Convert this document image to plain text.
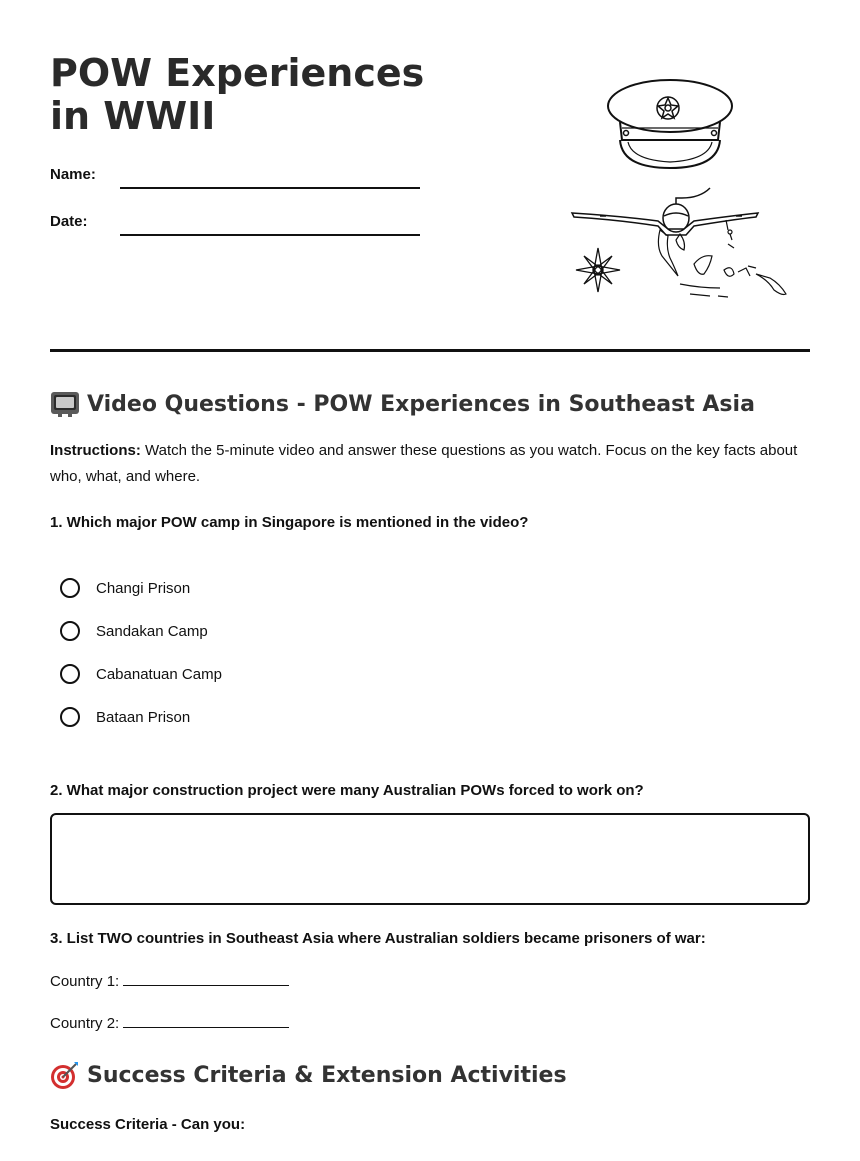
POW Experiences in WWII
Name:
Date:
Video Questions - POW Experiences in Southeast Asia

Instructions: Watch the 5-minute video and answer these questions as you watch. Focus on the key facts about who, what, and where.

1. Which major POW camp in Singapore is mentioned in the video?

Changi Prison
Sandakan Camp
Cabanatuan Camp
Bataan Prison

2. What major construction project were many Australian POWs forced to work on?

3. List TWO countries in Southeast Asia where Australian soldiers became prisoners of war:

Country 1:
Country 2:
Success Criteria & Extension Activities

Success Criteria - Can you:
